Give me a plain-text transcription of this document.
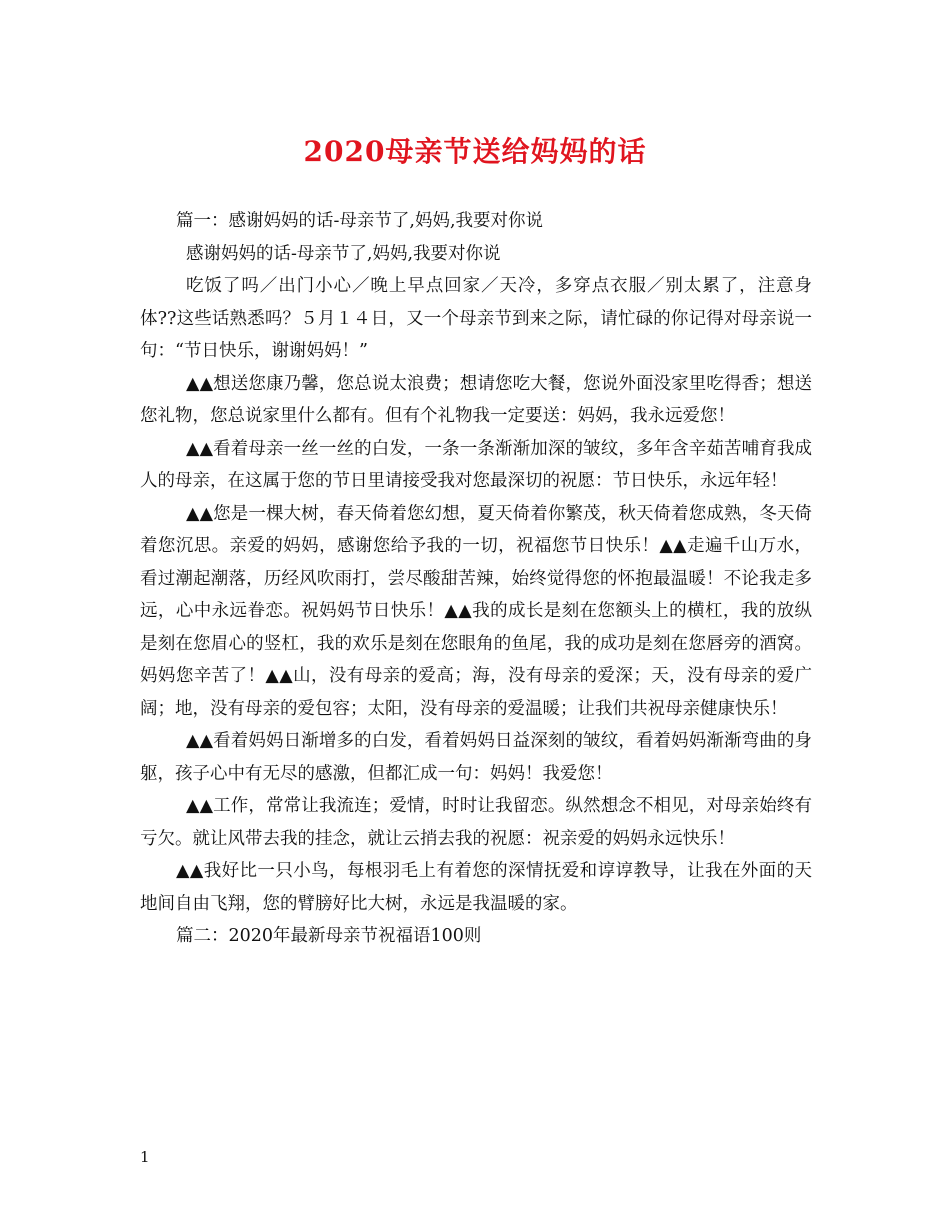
2020母亲节送给妈妈的话

篇一：感谢妈妈的话-母亲节了,妈妈,我要对你说

感谢妈妈的话-母亲节了,妈妈,我要对你说

吃饭了吗／出门小心／晚上早点回家／天冷，多穿点衣服／别太累了，注意身体??这些话熟悉吗？５月１４日，又一个母亲节到来之际，请忙碌的你记得对母亲说一句：“节日快乐，谢谢妈妈！”

▲▲想送您康乃馨，您总说太浪费；想请您吃大餐，您说外面没家里吃得香；想送您礼物，您总说家里什么都有。但有个礼物我一定要送：妈妈，我永远爱您！

▲▲看着母亲一丝一丝的白发，一条一条渐渐加深的皱纹，多年含辛茹苦哺育我成人的母亲，在这属于您的节日里请接受我对您最深切的祝愿：节日快乐，永远年轻！

▲▲您是一棵大树，春天倚着您幻想，夏天倚着你繁茂，秋天倚着您成熟，冬天倚着您沉思。亲爱的妈妈，感谢您给予我的一切，祝福您节日快乐！▲▲走遍千山万水，看过潮起潮落，历经风吹雨打，尝尽酸甜苦辣，始终觉得您的怀抱最温暖！不论我走多远，心中永远眷恋。祝妈妈节日快乐！▲▲我的成长是刻在您额头上的横杠，我的放纵是刻在您眉心的竖杠，我的欢乐是刻在您眼角的鱼尾，我的成功是刻在您唇旁的酒窝。妈妈您辛苦了！▲▲山，没有母亲的爱高；海，没有母亲的爱深；天，没有母亲的爱广阔；地，没有母亲的爱包容；太阳，没有母亲的爱温暖；让我们共祝母亲健康快乐！

▲▲看着妈妈日渐增多的白发，看着妈妈日益深刻的皱纹，看着妈妈渐渐弯曲的身躯，孩子心中有无尽的感激，但都汇成一句：妈妈！我爱您！

▲▲工作，常常让我流连；爱情，时时让我留恋。纵然想念不相见，对母亲始终有亏欠。就让风带去我的挂念，就让云捎去我的祝愿：祝亲爱的妈妈永远快乐！

▲▲我好比一只小鸟，每根羽毛上有着您的深情抚爱和谆谆教导，让我在外面的天地间自由飞翔，您的臂膀好比大树，永远是我温暖的家。

篇二：2020年最新母亲节祝福语100则

1
